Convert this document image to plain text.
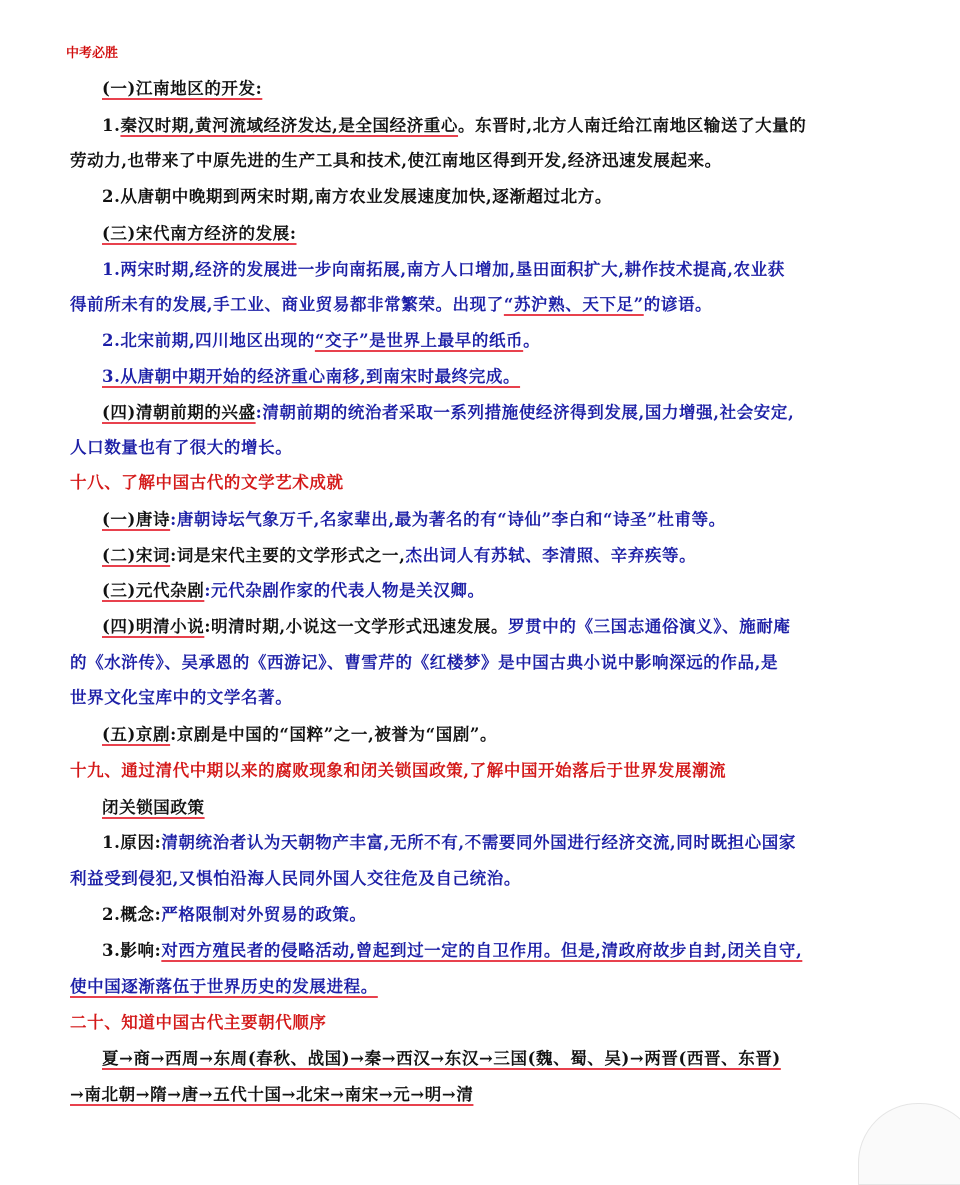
中考必胜
(一)江南地区的开发:
1.秦汉时期,黄河流域经济发达,是全国经济重心。东晋时,北方人南迁给江南地区输送了大量的
劳动力,也带来了中原先进的生产工具和技术,使江南地区得到开发,经济迅速发展起来。
2.从唐朝中晚期到两宋时期,南方农业发展速度加快,逐渐超过北方。
(三)宋代南方经济的发展:
1.两宋时期,经济的发展进一步向南拓展,南方人口增加,垦田面积扩大,耕作技术提高,农业获
得前所未有的发展,手工业、商业贸易都非常繁荣。出现了“苏沪熟、天下足”的谚语。
2.北宋前期,四川地区出现的“交子”是世界上最早的纸币。
3.从唐朝中期开始的经济重心南移,到南宋时最终完成。
(四)清朝前期的兴盛:清朝前期的统治者采取一系列措施使经济得到发展,国力增强,社会安定,
人口数量也有了很大的增长。
十八、了解中国古代的文学艺术成就
(一)唐诗:唐朝诗坛气象万千,名家辈出,最为著名的有“诗仙”李白和“诗圣”杜甫等。
(二)宋词:词是宋代主要的文学形式之一,杰出词人有苏轼、李清照、辛弃疾等。
(三)元代杂剧:元代杂剧作家的代表人物是关汉卿。
(四)明清小说:明清时期,小说这一文学形式迅速发展。罗贯中的《三国志通俗演义》、施耐庵
的《水浒传》、吴承恩的《西游记》、曹雪芹的《红楼梦》是中国古典小说中影响深远的作品,是
世界文化宝库中的文学名著。
(五)京剧:京剧是中国的“国粹”之一,被誉为“国剧”。
十九、通过清代中期以来的腐败现象和闭关锁国政策,了解中国开始落后于世界发展潮流
闭关锁国政策
1.原因:清朝统治者认为天朝物产丰富,无所不有,不需要同外国进行经济交流,同时既担心国家
利益受到侵犯,又惧怕沿海人民同外国人交往危及自己统治。
2.概念:严格限制对外贸易的政策。
3.影响:对西方殖民者的侵略活动,曾起到过一定的自卫作用。但是,清政府故步自封,闭关自守,
使中国逐渐落伍于世界历史的发展进程。
二十、知道中国古代主要朝代顺序
夏→商→西周→东周(春秋、战国)→秦→西汉→东汉→三国(魏、蜀、吴)→两晋(西晋、东晋)
→南北朝→隋→唐→五代十国→北宋→南宋→元→明→清
